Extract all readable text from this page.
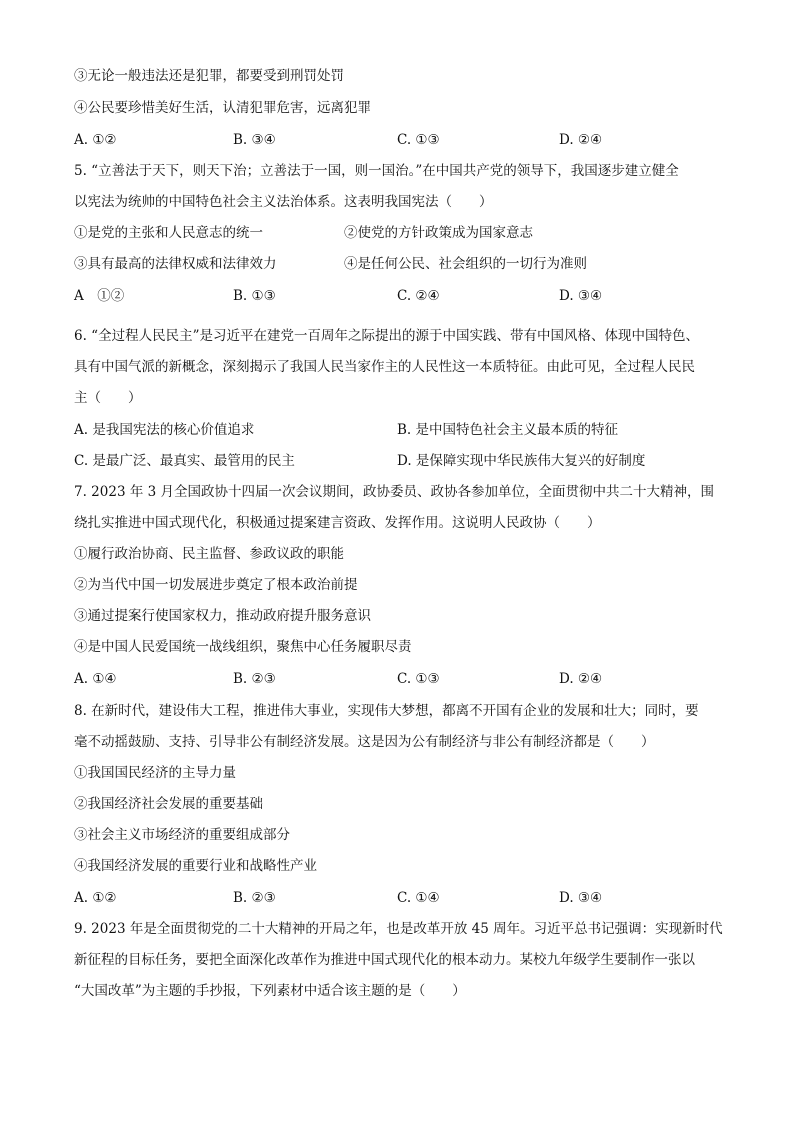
③无论一般违法还是犯罪，都要受到刑罚处罚
④公民要珍惜美好生活，认清犯罪危害，远离犯罪
A. ①②	B. ③④	C. ①③	D. ②④
5. “立善法于天下，则天下治；立善法于一国，则一国治。”在中国共产党的领导下，我国逐步建立健全
以宪法为统帅的中国特色社会主义法治体系。这表明我国宪法（　　）
①是党的主张和人民意志的统一	②使党的方针政策成为国家意志
③具有最高的法律权威和法律效力	④是任何公民、社会组织的一切行为准则
A　①②	B. ①③	C. ②④	D. ③④
6. “全过程人民民主”是习近平在建党一百周年之际提出的源于中国实践、带有中国风格、体现中国特色、
具有中国气派的新概念，深刻揭示了我国人民当家作主的人民性这一本质特征。由此可见，全过程人民民
主（　　）
A. 是我国宪法的核心价值追求	B. 是中国特色社会主义最本质的特征
C. 是最广泛、最真实、最管用的民主	D. 是保障实现中华民族伟大复兴的好制度
7. 2023 年 3 月全国政协十四届一次会议期间，政协委员、政协各参加单位，全面贯彻中共二十大精神，围
绕扎实推进中国式现代化，积极通过提案建言资政、发挥作用。这说明人民政协（　　）
①履行政治协商、民主监督、参政议政的职能
②为当代中国一切发展进步奠定了根本政治前提
③通过提案行使国家权力，推动政府提升服务意识
④是中国人民爱国统一战线组织，聚焦中心任务履职尽责
A. ①④	B. ②③	C. ①③	D. ②④
8. 在新时代，建设伟大工程，推进伟大事业，实现伟大梦想，都离不开国有企业的发展和壮大；同时，要
毫不动摇鼓励、支持、引导非公有制经济发展。这是因为公有制经济与非公有制经济都是（　　）
①我国国民经济的主导力量
②我国经济社会发展的重要基础
③社会主义市场经济的重要组成部分
④我国经济发展的重要行业和战略性产业
A. ①②	B. ②③	C. ①④	D. ③④
9. 2023 年是全面贯彻党的二十大精神的开局之年，也是改革开放 45 周年。习近平总书记强调：实现新时代
新征程的目标任务，要把全面深化改革作为推进中国式现代化的根本动力。某校九年级学生要制作一张以
“大国改革”为主题的手抄报，下列素材中适合该主题的是（　　）
